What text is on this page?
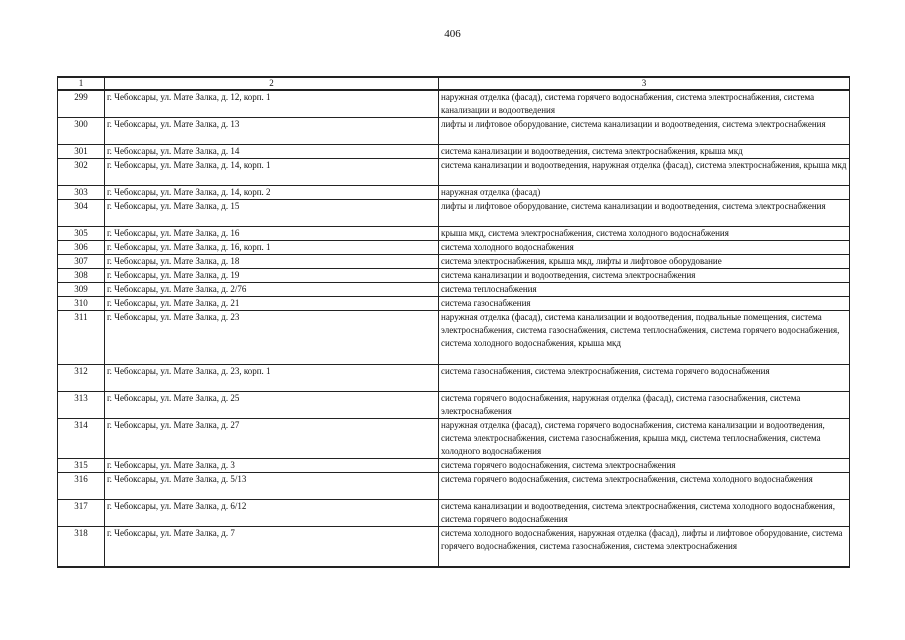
406
1	2	3
299	г. Чебоксары, ул. Мате Залка, д. 12, корп. 1	наружная отделка (фасад), система горячего водоснабжения, система электроснабжения, система канализации и водоотведения
300	г. Чебоксары, ул. Мате Залка, д. 13	лифты и лифтовое оборудование, система канализации и водоотведения, система электроснабжения
301	г. Чебоксары, ул. Мате Залка, д. 14	система канализации и водоотведения, система электроснабжения, крыша мкд
302	г. Чебоксары, ул. Мате Залка, д. 14, корп. 1	система канализации и водоотведения, наружная отделка (фасад), система электроснабжения, крыша мкд
303	г. Чебоксары, ул. Мате Залка, д. 14, корп. 2	наружная отделка (фасад)
304	г. Чебоксары, ул. Мате Залка, д. 15	лифты и лифтовое оборудование, система канализации и водоотведения, система электроснабжения
305	г. Чебоксары, ул. Мате Залка, д. 16	крыша мкд, система электроснабжения, система холодного водоснабжения
306	г. Чебоксары, ул. Мате Залка, д. 16, корп. 1	система холодного водоснабжения
307	г. Чебоксары, ул. Мате Залка, д. 18	система электроснабжения, крыша мкд, лифты и лифтовое оборудование
308	г. Чебоксары, ул. Мате Залка, д. 19	система канализации и водоотведения, система электроснабжения
309	г. Чебоксары, ул. Мате Залка, д. 2/76	система теплоснабжения
310	г. Чебоксары, ул. Мате Залка, д. 21	система газоснабжения
311	г. Чебоксары, ул. Мате Залка, д. 23	наружная отделка (фасад), система канализации и водоотведения, подвальные помещения, система электроснабжения, система газоснабжения, система теплоснабжения, система горячего водоснабжения, система холодного водоснабжения, крыша мкд
312	г. Чебоксары, ул. Мате Залка, д. 23, корп. 1	система газоснабжения, система электроснабжения, система горячего водоснабжения
313	г. Чебоксары, ул. Мате Залка, д. 25	система горячего водоснабжения, наружная отделка (фасад), система газоснабжения, система электроснабжения
314	г. Чебоксары, ул. Мате Залка, д. 27	наружная отделка (фасад), система горячего водоснабжения, система канализации и водоотведения, система электроснабжения, система газоснабжения, крыша мкд, система теплоснабжения, система холодного водоснабжения
315	г. Чебоксары, ул. Мате Залка, д. 3	система горячего водоснабжения, система электроснабжения
316	г. Чебоксары, ул. Мате Залка, д. 5/13	система горячего водоснабжения, система электроснабжения, система холодного водоснабжения
317	г. Чебоксары, ул. Мате Залка, д. 6/12	система канализации и водоотведения, система электроснабжения, система холодного водоснабжения, система горячего водоснабжения
318	г. Чебоксары, ул. Мате Залка, д. 7	система холодного водоснабжения, наружная отделка (фасад), лифты и лифтовое оборудование, система горячего водоснабжения, система газоснабжения, система электроснабжения
